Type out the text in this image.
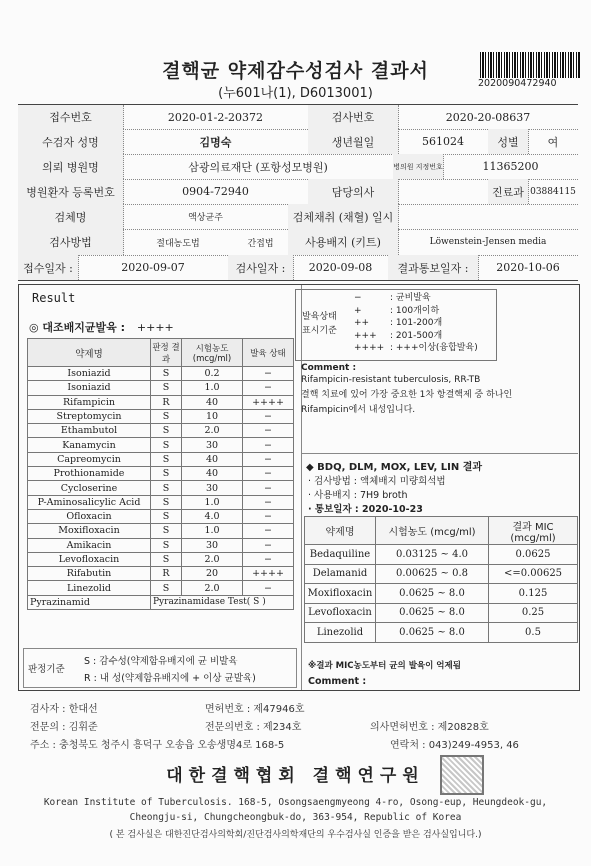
결핵균 약제감수성검사 결과서
(누601나(1), D6013001)
2020090472940
접수번호	2020-01-2-20372	검사번호	2020-20-08637
수검자 성명	김명숙	생년월일	561024	성별	여
의뢰 병원명	삼광의료재단 (포항성모병원)	병의원 지정번호	11365200
병원환자 등록번호	0904-72940	담당의사	진료과 03884115
검체명	액상균주	검체채취 (채혈) 일시
검사방법	절대농도법	간접법	사용배지 (키트)	Löwenstein-Jensen media
접수일자 :	2020-09-07	검사일자 :	2020-09-08	결과통보일자 :	2020-10-06
Result
◎ 대조배지균발육 : ++++
약제명	판정 결과	시험농도 (mcg/ml)	발육 상태
Isoniazid	S	0.2	−
Isoniazid	S	1.0	−
Rifampicin	R	40	++++
Streptomycin	S	10	−
Ethambutol	S	2.0	−
Kanamycin	S	30	−
Capreomycin	S	40	−
Prothionamide	S	40	−
Cycloserine	S	30	−
P-Aminosalicylic Acid	S	1.0	−
Ofloxacin	S	4.0	−
Moxifloxacin	S	1.0	−
Amikacin	S	30	−
Levofloxacin	S	2.0	−
Rifabutin	R	20	++++
Linezolid	S	2.0	−
Pyrazinamid	Pyrazinamidase Test( S )		
판정기준
S : 감수성(약제함유배지에 균 비발육
R : 내 성(약제함유배지에 + 이상 균발육)
발육상태 표시기준
−	: 균비발육
+	: 100개이하
++ : 101-200개
+++ : 201-500개
++++ : +++이상(융합발육)
Comment :
Rifampicin-resistant tuberculosis, RR-TB
결핵 치료에 있어 가장 중요한 1차 항결핵제 중 하나인
Rifampicin에서 내성입니다.
◆ BDQ, DLM, MOX, LEV, LIN 결과
· 검사방법 : 액체배지 미량희석법
· 사용배지 : 7H9 broth
· 통보일자 : 2020-10-23
약제명	시험농도 (mcg/ml)	결과 MIC (mcg/ml)
Bedaquiline	0.03125 ~ 4.0	0.0625
Delamanid	0.00625 ~ 0.8	<=0.00625
Moxifloxacin	0.0625 ~ 8.0	0.125
Levofloxacin	0.0625 ~ 8.0	0.25
Linezolid	0.0625 ~ 8.0	0.5
※결과 MIC농도부터 균의 발육이 억제됨
Comment :
검사자 : 한대선	면허번호 : 제47946호
전문의 : 김휘준	전문의번호 : 제234호	의사면허번호 : 제20828호
주소 : 충청북도 청주시 흥덕구 오송읍 오송생명4로 168-5	연락처 : 043)249-4953, 46
대한결핵협회 결핵연구원
Korean Institute of Tuberculosis. 168-5, Osongsaengmyeong 4-ro, Osong-eup, Heungdeok-gu,
Cheongju-si, Chungcheongbuk-do, 363-954, Republic of Korea
( 본 검사실은 대한진단검사의학회/진단검사의학재단의 우수검사실 인증을 받은 검사실입니다.)
